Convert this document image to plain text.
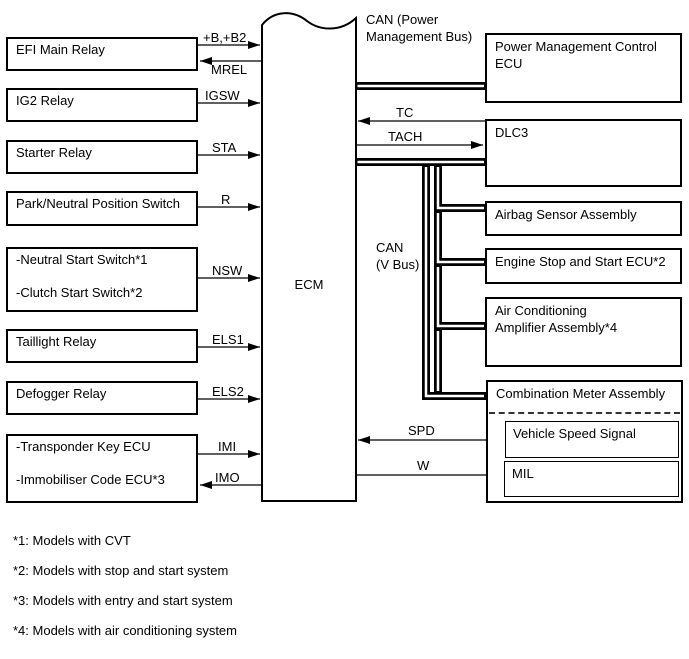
EFI Main Relay
IG2 Relay
Starter Relay
Park/Neutral Position Switch
-Neutral Start Switch*1
-Clutch Start Switch*2
Taillight Relay
Defogger Relay
-Transponder Key ECU
-Immobiliser Code ECU*3
ECM
Power Management Control
ECU
DLC3
Airbag Sensor Assembly
Engine Stop and Start ECU*2
Air Conditioning
Amplifier Assembly*4
Combination Meter Assembly
Vehicle Speed Signal
MIL
+B,+B2
MREL
IGSW
STA
R
NSW
ELS1
ELS2
IMI
IMO
TC
TACH
SPD
W
CAN (Power
Management Bus)
CAN
(V Bus)
*1: Models with CVT
*2: Models with stop and start system
*3: Models with entry and start system
*4: Models with air conditioning system
